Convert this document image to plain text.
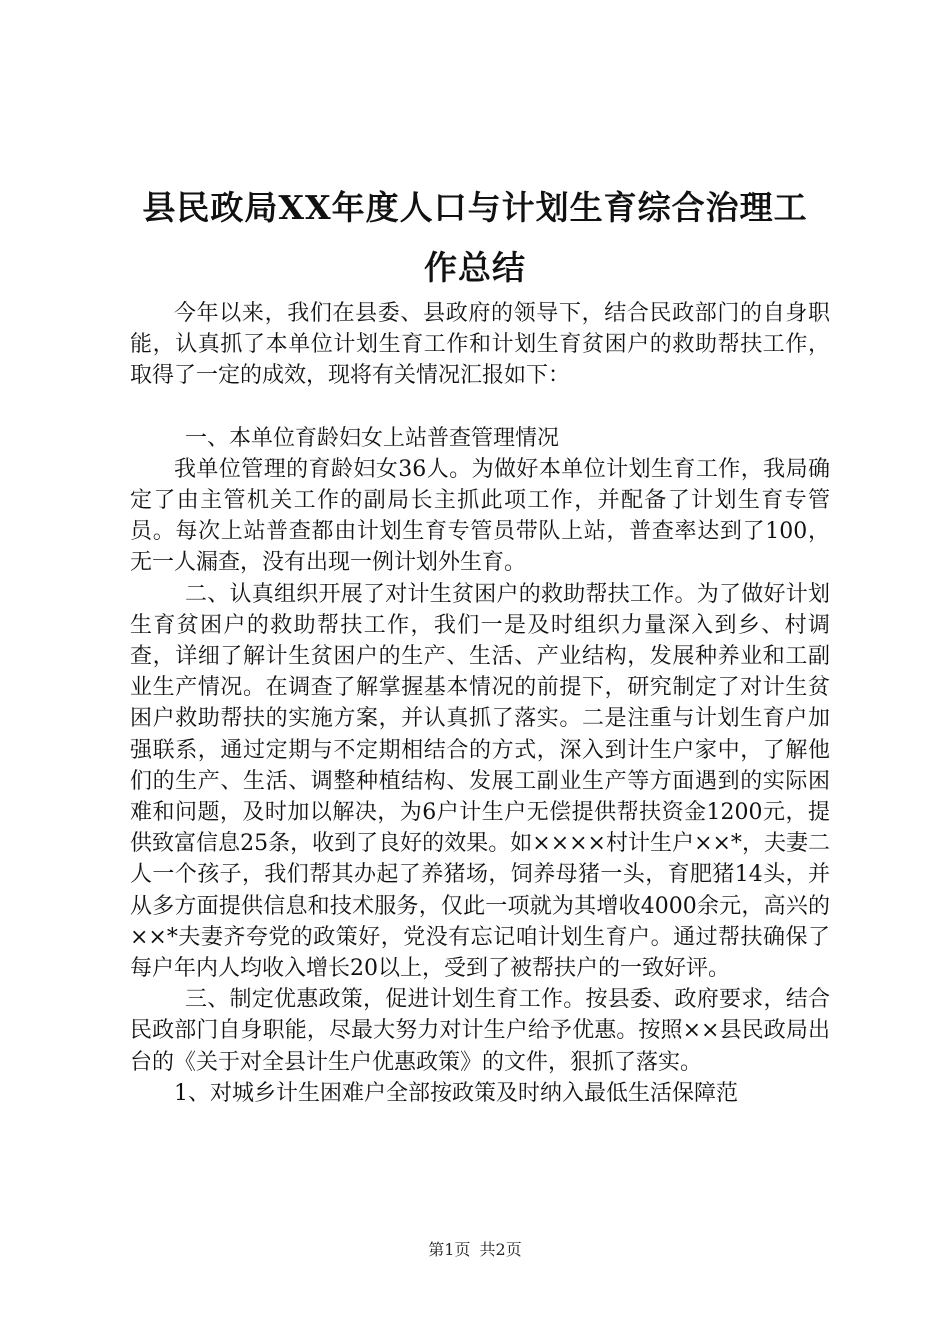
县民政局XX年度人口与计划生育综合治理工
作总结

今年以来，我们在县委、县政府的领导下，结合民政部门的自身职能，认真抓了本单位计划生育工作和计划生育贫困户的救助帮扶工作，取得了一定的成效，现将有关情况汇报如下：

一、本单位育龄妇女上站普查管理情况

我单位管理的育龄妇女36人。为做好本单位计划生育工作，我局确定了由主管机关工作的副局长主抓此项工作，并配备了计划生育专管员。每次上站普查都由计划生育专管员带队上站，普查率达到了100，无一人漏查，没有出现一例计划外生育。

二、认真组织开展了对计生贫困户的救助帮扶工作。为了做好计划生育贫困户的救助帮扶工作，我们一是及时组织力量深入到乡、村调查，详细了解计生贫困户的生产、生活、产业结构，发展种养业和工副业生产情况。在调查了解掌握基本情况的前提下，研究制定了对计生贫困户救助帮扶的实施方案，并认真抓了落实。二是注重与计划生育户加强联系，通过定期与不定期相结合的方式，深入到计生户家中，了解他们的生产、生活、调整种植结构、发展工副业生产等方面遇到的实际困难和问题，及时加以解决，为6户计生户无偿提供帮扶资金1200元，提供致富信息25条，收到了良好的效果。如××××村计生户××*，夫妻二人一个孩子，我们帮其办起了养猪场，饲养母猪一头，育肥猪14头，并从多方面提供信息和技术服务，仅此一项就为其增收4000余元，高兴的××*夫妻齐夸党的政策好，党没有忘记咱计划生育户。通过帮扶确保了每户年内人均收入增长20以上，受到了被帮扶户的一致好评。

三、制定优惠政策，促进计划生育工作。按县委、政府要求，结合民政部门自身职能，尽最大努力对计生户给予优惠。按照××县民政局出台的《关于对全县计生户优惠政策》的文件，狠抓了落实。

1、对城乡计生困难户全部按政策及时纳入最低生活保障范

第1页 共2页
